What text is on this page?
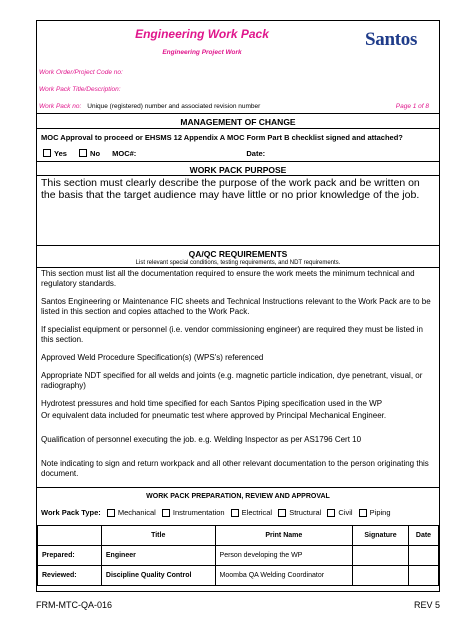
Engineering Work Pack
Engineering Project Work
Santos
Work Order/Project Code no:
Work Pack Title/Description:
Work Pack no: Unique (registered) number and associated revision number	Page 1 of 8
MANAGEMENT OF CHANGE
MOC Approval to proceed or EHSMS 12 Appendix A MOC Form Part B checklist signed and attached?
Yes	No MOC#:	Date:
WORK PACK PURPOSE
This section must clearly describe the purpose of the work pack and be written on the basis that the target audience may have little or no prior knowledge of the job.
QA/QC REQUIREMENTS
List relevant special conditions, testing requirements, and NDT requirements.
This section must list all the documentation required to ensure the work meets the minimum technical and regulatory standards.
Santos Engineering or Maintenance FIC sheets and Technical Instructions relevant to the Work Pack are to be listed in this section and copies attached to the Work Pack.
If specialist equipment or personnel (i.e. vendor commissioning engineer) are required they must be listed in this section.
Approved Weld Procedure Specification(s) (WPS's) referenced
Appropriate NDT specified for all welds and joints (e.g. magnetic particle indication, dye penetrant, visual, or radiography)
Hydrotest pressures and hold time specified for each Santos Piping specification used in the WP
Or equivalent data included for pneumatic test where approved by Principal Mechanical Engineer.
Qualification of personnel executing the job. e.g. Welding Inspector as per AS1796 Cert 10
Note indicating to sign and return workpack and all other relevant documentation to the person originating this document.
WORK PACK PREPARATION, REVIEW AND APPROVAL
Work Pack Type: Mechanical Instrumentation Electrical Structural Civil Piping
	Title	Print Name	Signature	Date
Prepared:	Engineer	Person developing the WP		
Reviewed:	Discipline Quality Control	Moomba QA Welding Coordinator		
FRM-MTC-QA-016	REV 5
